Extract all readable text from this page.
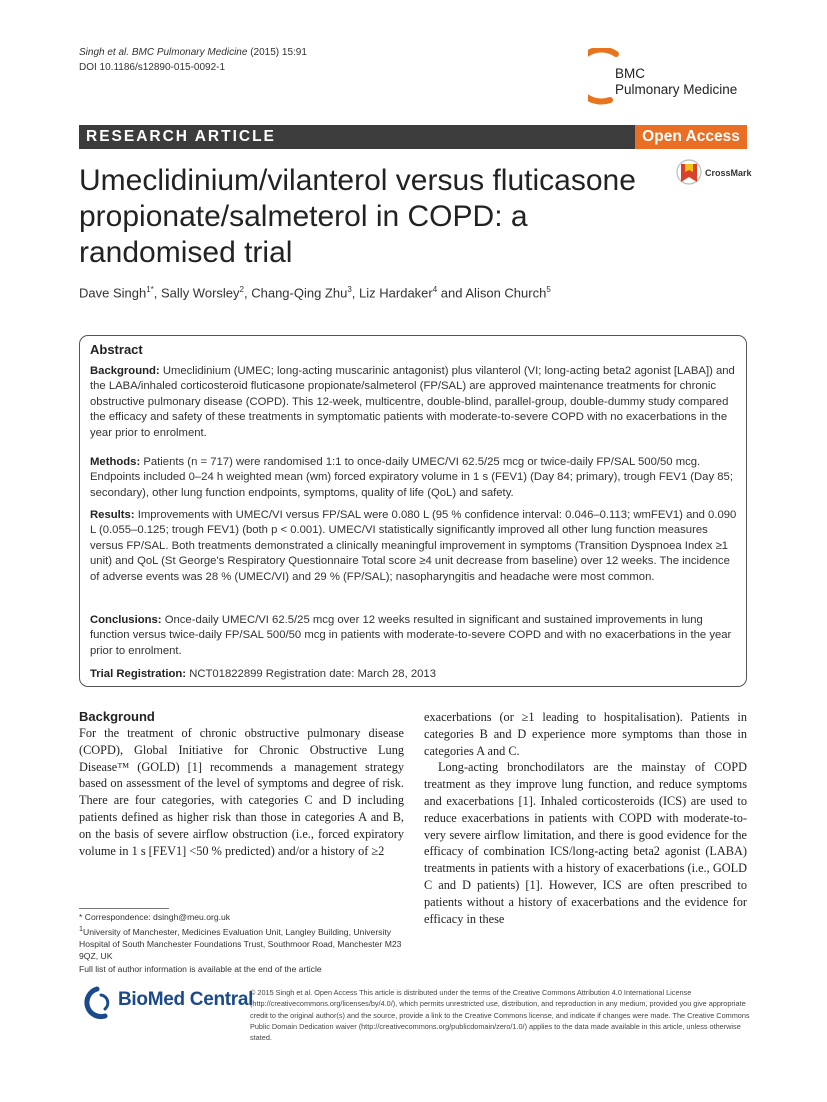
Singh et al. BMC Pulmonary Medicine (2015) 15:91
DOI 10.1186/s12890-015-0092-1	BMC
Pulmonary Medicine
RESEARCH ARTICLE	Open Access
CrossMark
Umeclidinium/vilanterol versus fluticasone
propionate/salmeterol in COPD: a
randomised trial
Dave Singh$^{1*}$, Sally Worsley$^2$, Chang-Qing Zhu$^3$, Liz Hardaker$^4$ and Alison Church$^5$
Abstract
Background: Umeclidinium (UMEC; long-acting muscarinic antagonist) plus vilanterol (VI; long-acting beta2 agonist [LABA]) and the LABA/inhaled corticosteroid fluticasone propionate/salmeterol (FP/SAL) are approved maintenance treatments for chronic obstructive pulmonary disease (COPD). This 12-week, multicentre, double-blind, parallel-group, double-dummy study compared the efficacy and safety of these treatments in symptomatic patients with moderate-to-severe COPD with no exacerbations in the year prior to enrolment.
Methods: Patients (n = 717) were randomised 1:1 to once-daily UMEC/VI 62.5/25 mcg or twice-daily FP/SAL 500/50 mcg. Endpoints included 0–24 h weighted mean (wm) forced expiratory volume in 1 s (FEV1) (Day 84; primary), trough FEV1 (Day 85; secondary), other lung function endpoints, symptoms, quality of life (QoL) and safety.
Results: Improvements with UMEC/VI versus FP/SAL were 0.080 L (95 % confidence interval: 0.046–0.113; wmFEV1) and 0.090 L (0.055–0.125; trough FEV1) (both p < 0.001). UMEC/VI statistically significantly improved all other lung function measures versus FP/SAL. Both treatments demonstrated a clinically meaningful improvement in symptoms (Transition Dyspnoea Index ≥1 unit) and QoL (St George's Respiratory Questionnaire Total score ≥4 unit decrease from baseline) over 12 weeks. The incidence of adverse events was 28 % (UMEC/VI) and 29 % (FP/SAL); nasopharyngitis and headache were most common.
Conclusions: Once-daily UMEC/VI 62.5/25 mcg over 12 weeks resulted in significant and sustained improvements in lung function versus twice-daily FP/SAL 500/50 mcg in patients with moderate-to-severe COPD and with no exacerbations in the year prior to enrolment.
Trial Registration: NCT01822899 Registration date: March 28, 2013
Background
For the treatment of chronic obstructive pulmonary disease (COPD), Global Initiative for Chronic Obstructive Lung Disease™ (GOLD) [1] recommends a management strategy based on assessment of the level of symptoms and degree of risk. There are four categories, with categories C and D including patients defined as higher risk than those in categories A and B, on the basis of severe airflow obstruction (i.e., forced expiratory volume in 1 s [FEV1] <50 % predicted) and/or a history of ≥2

exacerbations (or ≥1 leading to hospitalisation). Patients in categories B and D experience more symptoms than those in categories A and C.

Long-acting bronchodilators are the mainstay of COPD treatment as they improve lung function, and reduce symptoms and exacerbations [1]. Inhaled corticosteroids (ICS) are used to reduce exacerbations in patients with COPD with moderate-to-very severe airflow limitation, and there is good evidence for the efficacy of combination ICS/long-acting beta2 agonist (LABA) treatments in patients with a history of exacerbations (i.e., GOLD C and D patients) [1]. However, ICS are often prescribed to patients without a history of exacerbations and the evidence for efficacy in these

* Correspondence: dsingh@meu.org.uk

$^1$University of Manchester, Medicines Evaluation Unit, Langley Building, University Hospital of South Manchester Foundations Trust, Southmoor Road, Manchester M23 9QZ, UK

Full list of author information is available at the end of the article

BioMed Central
© 2015 Singh et al. Open Access This article is distributed under the terms of the Creative Commons Attribution 4.0 International License (http://creativecommons.org/licenses/by/4.0/), which permits unrestricted use, distribution, and reproduction in any medium, provided you give appropriate credit to the original author(s) and the source, provide a link to the Creative Commons license, and indicate if changes were made. The Creative Commons Public Domain Dedication waiver (http://creativecommons.org/publicdomain/zero/1.0/) applies to the data made available in this article, unless otherwise stated.
